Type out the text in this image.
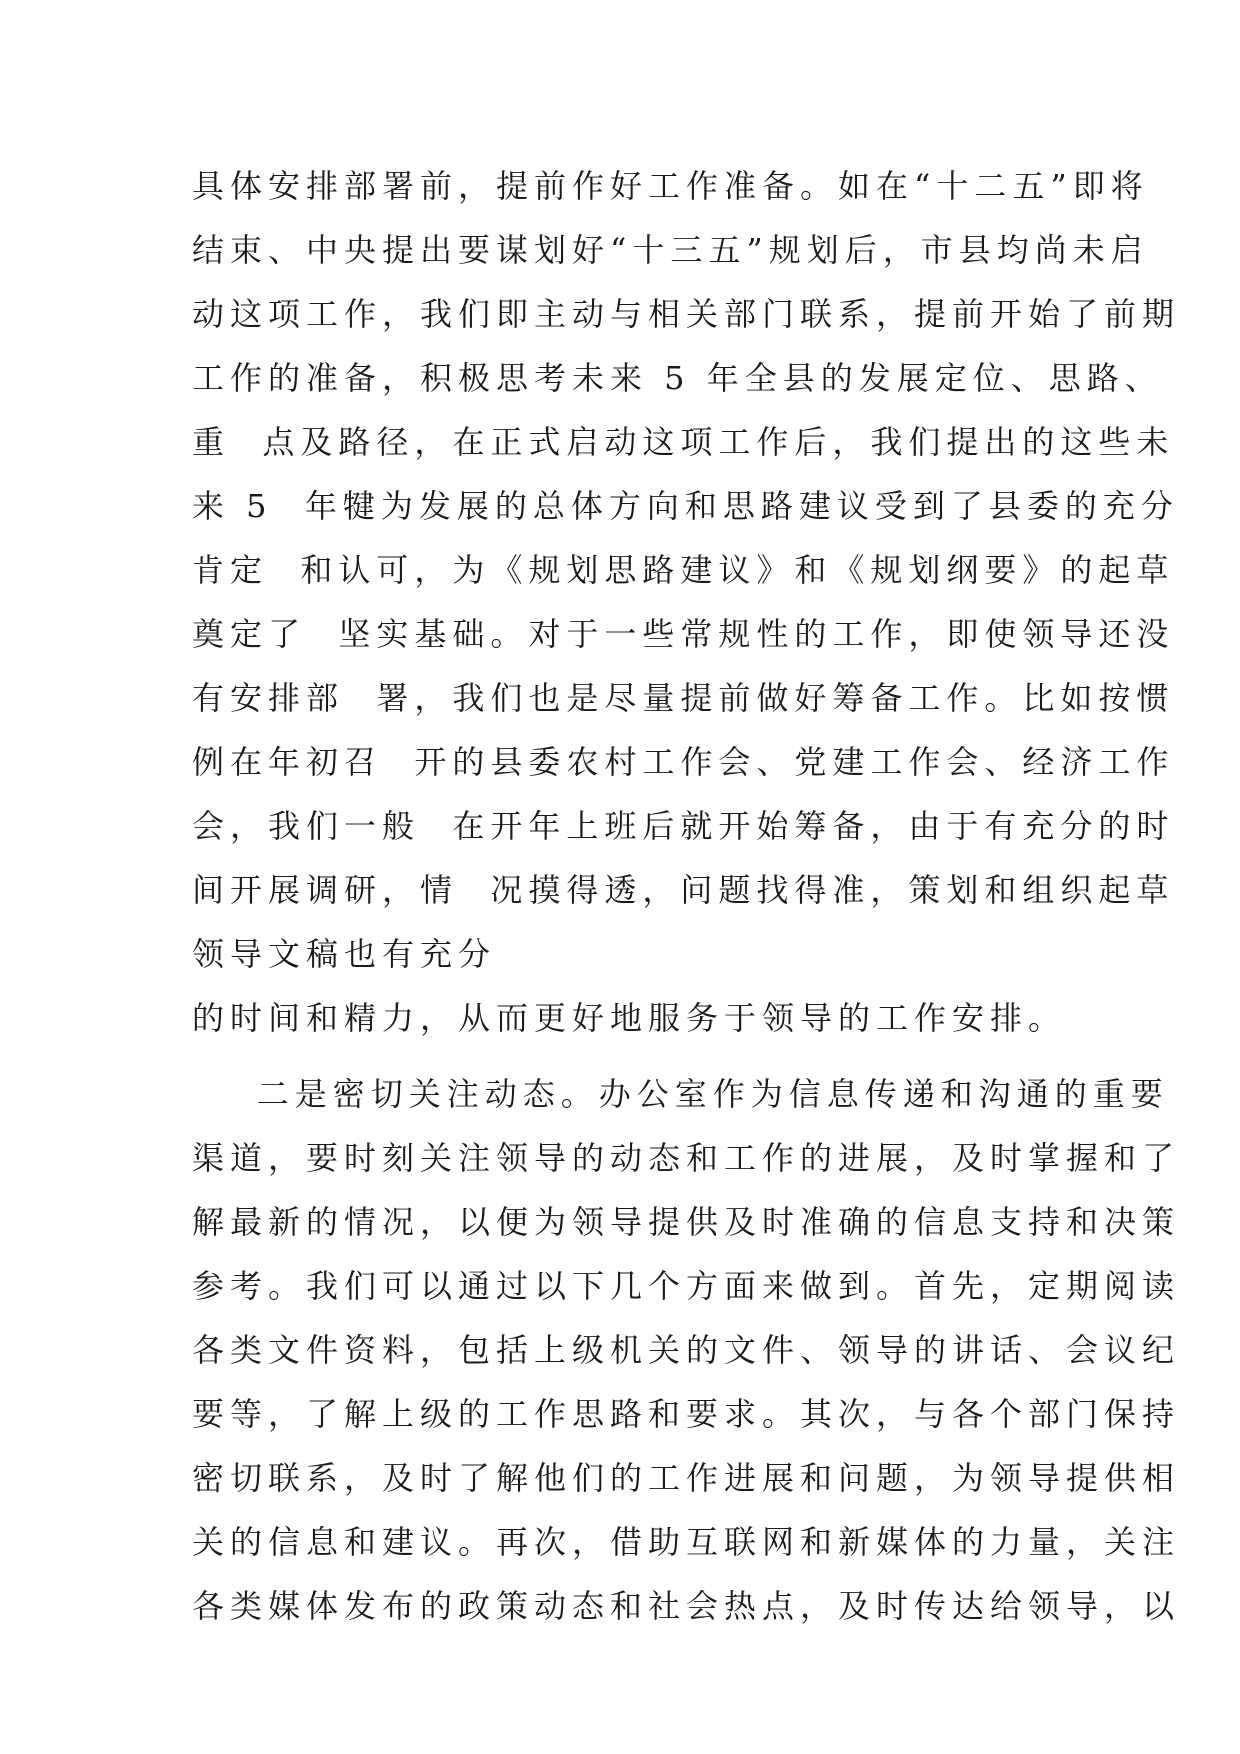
具体安排部署前，提前作好工作准备。如在“十二五”即将
结束、中央提出要谋划好“十三五”规划后，市县均尚未启
动这项工作，我们即主动与相关部门联系，提前开始了前期
工作的准备，积极思考未来 5 年全县的发展定位、思路、
重  点及路径，在正式启动这项工作后，我们提出的这些未
来 5  年犍为发展的总体方向和思路建议受到了县委的充分
肯定  和认可，为《规划思路建议》和《规划纲要》的起草
奠定了  坚实基础。对于一些常规性的工作，即使领导还没
有安排部  署，我们也是尽量提前做好筹备工作。比如按惯
例在年初召  开的县委农村工作会、党建工作会、经济工作
会，我们一般  在开年上班后就开始筹备，由于有充分的时
间开展调研，情  况摸得透，问题找得准，策划和组织起草
领导文稿也有充分
的时间和精力，从而更好地服务于领导的工作安排。
二是密切关注动态。办公室作为信息传递和沟通的重要
渠道，要时刻关注领导的动态和工作的进展，及时掌握和了
解最新的情况，以便为领导提供及时准确的信息支持和决策
参考。我们可以通过以下几个方面来做到。首先，定期阅读
各类文件资料，包括上级机关的文件、领导的讲话、会议纪
要等，了解上级的工作思路和要求。其次，与各个部门保持
密切联系，及时了解他们的工作进展和问题，为领导提供相
关的信息和建议。再次，借助互联网和新媒体的力量，关注
各类媒体发布的政策动态和社会热点，及时传达给领导，以
